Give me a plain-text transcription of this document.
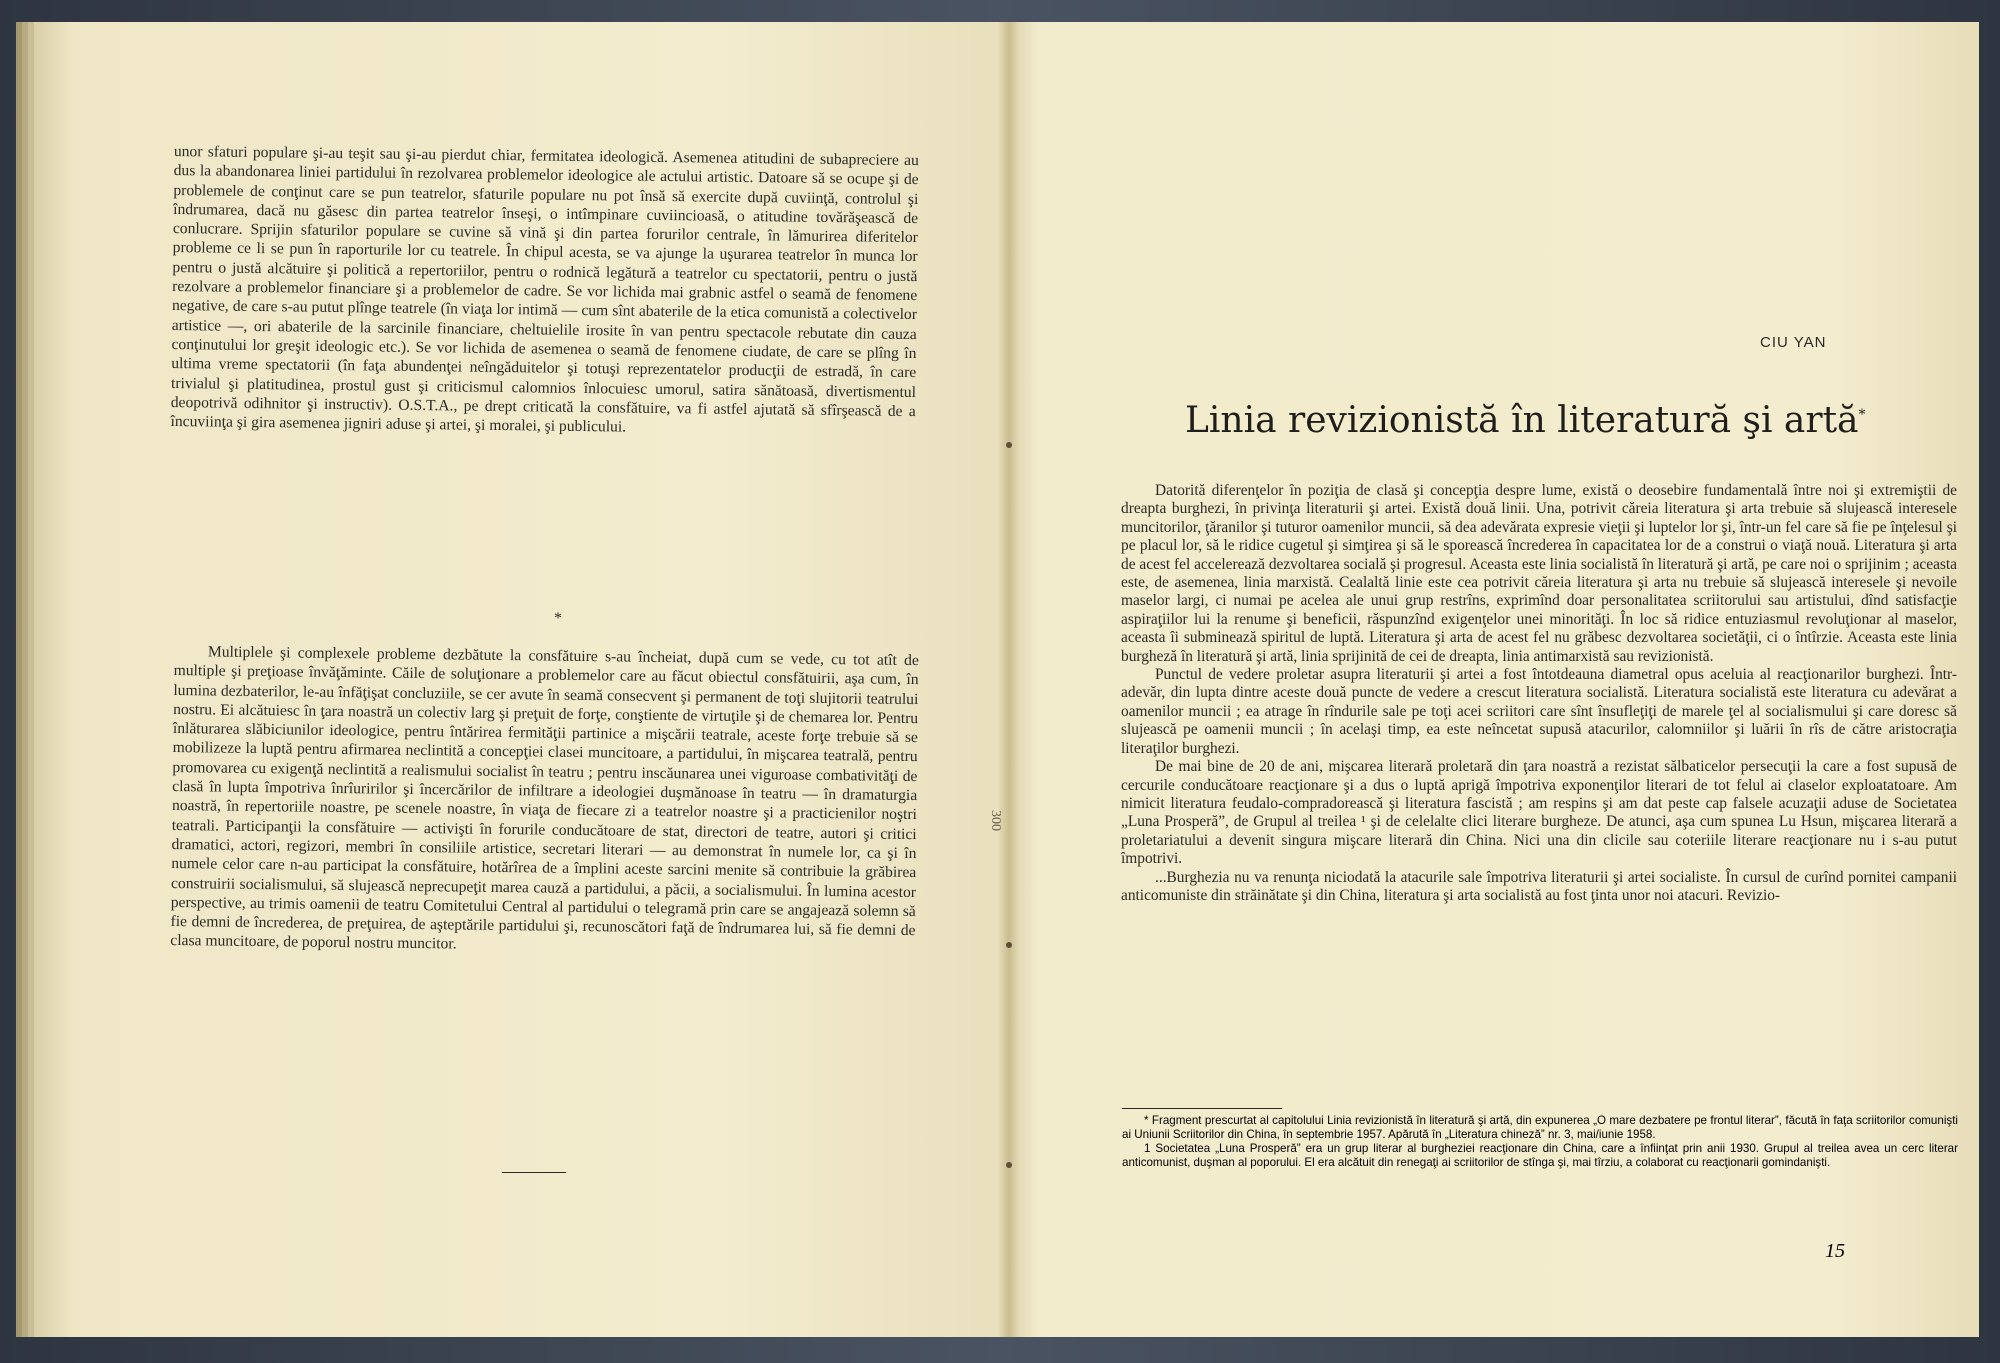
unor sfaturi populare şi-au teşit sau şi-au pierdut chiar, fermitatea ideologică. Asemenea atitudini de subapreciere au dus la abandonarea liniei partidului în rezolvarea problemelor ideologice ale actului artistic. Datoare să se ocupe şi de problemele de conţinut care se pun teatrelor, sfaturile populare nu pot însă să exercite după cuviinţă, controlul şi îndrumarea, dacă nu găsesc din partea teatrelor înseşi, o intîmpinare cuviincioasă, o atitudine tovărăşească de conlucrare. Sprijin sfaturilor populare se cuvine să vină şi din partea forurilor centrale, în lămurirea diferitelor probleme ce li se pun în raporturile lor cu teatrele. În chipul acesta, se va ajunge la uşurarea teatrelor în munca lor pentru o justă alcătuire şi politică a repertoriilor, pentru o rodnică legătură a teatrelor cu spectatorii, pentru o justă rezolvare a problemelor financiare şi a problemelor de cadre. Se vor lichida mai grabnic astfel o seamă de fenomene negative, de care s-au putut plînge teatrele (în viaţa lor intimă — cum sînt abaterile de la etica comunistă a colectivelor artistice —, ori abaterile de la sarcinile financiare, cheltuielile irosite în van pentru spectacole rebutate din cauza conţinutului lor greşit ideologic etc.). Se vor lichida de asemenea o seamă de fenomene ciudate, de care se plîng în ultima vreme spectatorii (în faţa abundenţei neîngăduitelor şi totuşi reprezentatelor producţii de estradă, în care trivialul şi platitudinea, prostul gust şi criticismul calomnios înlocuiesc umorul, satira sănătoasă, divertismentul deopotrivă odihnitor şi instructiv). O.S.T.A., pe drept criticată la consfătuire, va fi astfel ajutată să sfîrşească de a încuviinţa şi gira asemenea jigniri aduse şi artei, şi moralei, şi publicului.

*

Multiplele şi complexele probleme dezbătute la consfătuire s-au încheiat, după cum se vede, cu tot atît de multiple şi preţioase învăţăminte. Căile de soluţionare a problemelor care au făcut obiectul consfătuirii, aşa cum, în lumina dezbaterilor, le-au înfăţişat concluziile, se cer avute în seamă consecvent şi permanent de toţi slujitorii teatrului nostru. Ei alcătuiesc în ţara noastră un colectiv larg şi preţuit de forţe, conştiente de virtuţile şi de chemarea lor. Pentru înlăturarea slăbiciunilor ideologice, pentru întărirea fermităţii partinice a mişcării teatrale, aceste forţe trebuie să se mobilizeze la luptă pentru afirmarea neclintită a concepţiei clasei muncitoare, a partidului, în mişcarea teatrală, pentru promovarea cu exigenţă neclintită a realismului socialist în teatru ; pentru inscăunarea unei viguroase combativităţi de clasă în lupta împotriva înrîuririlor şi încercărilor de infiltrare a ideologiei duşmănoase în teatru — în dramaturgia noastră, în repertoriile noastre, pe scenele noastre, în viaţa de fiecare zi a teatrelor noastre şi a practicienilor noştri teatrali. Participanţii la consfătuire — activişti în forurile conducătoare de stat, directori de teatre, autori şi critici dramatici, actori, regizori, membri în consiliile artistice, secretari literari — au demonstrat în numele lor, ca şi în numele celor care n-au participat la consfătuire, hotărîrea de a împlini aceste sarcini menite să contribuie la grăbirea construirii socialismului, să slujească neprecupeţit marea cauză a partidului, a păcii, a socialismului. În lumina acestor perspective, au trimis oamenii de teatru Comitetului Central al partidului o telegramă prin care se angajează solemn să fie demni de încrederea, de preţuirea, de aşteptările partidului şi, recunoscători faţă de îndrumarea lui, să fie demni de clasa muncitoare, de poporul nostru muncitor.

Datorită diferenţelor în poziţia de clasă şi concepţia despre lume, există o deosebire fundamentală între noi şi extremiştii de dreapta burghezi, în privinţa literaturii şi artei. Există două linii. Una, potrivit căreia literatura şi arta trebuie să slujească interesele muncitorilor, ţăranilor şi tuturor oamenilor muncii, să dea adevărata expresie vieţii şi luptelor lor şi, într-un fel care să fie pe înţelesul şi pe placul lor, să le ridice cugetul şi simţirea şi să le sporească încrederea în capacitatea lor de a construi o viaţă nouă. Literatura şi arta de acest fel accelerează dezvoltarea socială şi progresul. Aceasta este linia socialistă în literatură şi artă, pe care noi o sprijinim ; aceasta este, de asemenea, linia marxistă. Cealaltă linie este cea potrivit căreia literatura şi arta nu trebuie să slujească interesele şi nevoile maselor largi, ci numai pe acelea ale unui grup restrîns, exprimînd doar personalitatea scriitorului sau artistului, dînd satisfacţie aspiraţiilor lui la renume şi beneficii, răspunzînd exigenţelor unei minorităţi. În loc să ridice entuziasmul revoluţionar al maselor, aceasta îi subminează spiritul de luptă. Literatura şi arta de acest fel nu grăbesc dezvoltarea societăţii, ci o întîrzie. Aceasta este linia burgheză în literatură şi artă, linia sprijinită de cei de dreapta, linia antimarxistă sau revizionistă.

Punctul de vedere proletar asupra literaturii şi artei a fost întotdeauna diametral opus aceluia al reacţionarilor burghezi. Într-adevăr, din lupta dintre aceste două puncte de vedere a crescut literatura socialistă. Literatura socialistă este literatura cu adevărat a oamenilor muncii ; ea atrage în rîndurile sale pe toţi acei scriitori care sînt însufleţiţi de marele ţel al socialismului şi care doresc să slujească pe oamenii muncii ; în acelaşi timp, ea este neîncetat supusă atacurilor, calomniilor şi luării în rîs de către aristocraţia literaţilor burghezi.

De mai bine de 20 de ani, mişcarea literară proletară din ţara noastră a rezistat sălbaticelor persecuţii la care a fost supusă de cercurile conducătoare reacţionare şi a dus o luptă aprigă împotriva exponenţilor literari de tot felul ai claselor exploatatoare. Am nimicit literatura feudalo-compradorească şi literatura fascistă ; am respins şi am dat peste cap falsele acuzaţii aduse de Societatea „Luna Prosperă”, de Grupul al treilea ¹ şi de celelalte clici literare burgheze. De atunci, aşa cum spunea Lu Hsun, mişcarea literară a proletariatului a devenit singura mişcare literară din China. Nici una din clicile sau coteriile literare reacţionare nu i s-au putut împotrivi.

...Burghezia nu va renunţa niciodată la atacurile sale împotriva literaturii şi artei socialiste. În cursul de curînd pornitei campanii anticomuniste din străinătate şi din China, literatura şi arta socialistă au fost ţinta unor noi atacuri. Revizio-

300
CIU YAN
Linia revizionistă în literatură şi artă*

* Fragment prescurtat al capitolului Linia revizionistă în literatură şi artă, din expunerea „O mare dezbatere pe frontul literar”, făcută în faţa scriitorilor comunişti ai Uniunii Scriitorilor din China, în septembrie 1957. Apărută în „Literatura chineză” nr. 3, mai/iunie 1958.

1 Societatea „Luna Prosperă” era un grup literar al burgheziei reacţionare din China, care a înfiinţat prin anii 1930. Grupul al treilea avea un cerc literar anticomunist, duşman al poporului. El era alcătuit din renegaţi ai scriitorilor de stînga şi, mai tîrziu, a colaborat cu reacţionarii gomindanişti.

15
